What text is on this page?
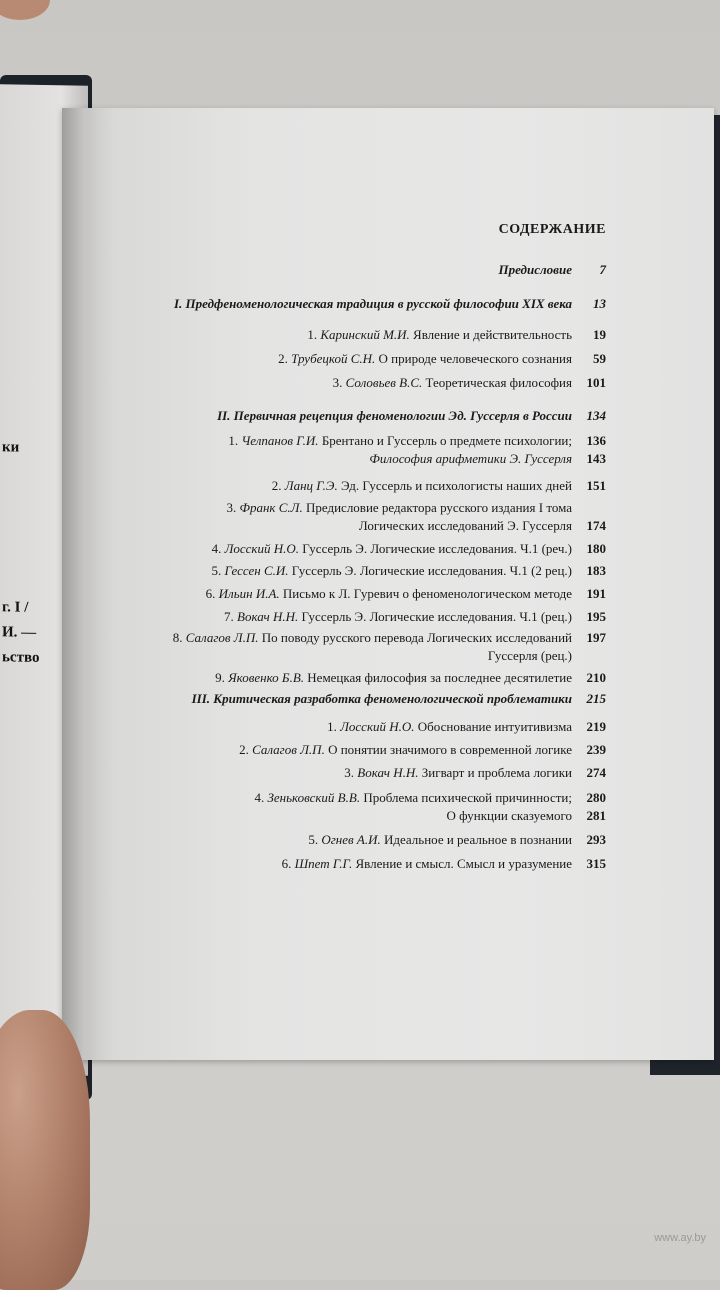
ки
г. I /
И. —
ьство
СОДЕРЖАНИЕ
Предисловие 7
I. Предфеноменологическая традиция в русской философии XIX века 13
1. Каринский М.И. Явление и действительность 19
2. Трубецкой С.Н. О природе человеческого сознания 59
3. Соловьев В.С. Теоретическая философия 101
II. Первичная рецепция феноменологии Эд. Гуссерля в России 134
1. Челпанов Г.И. Брентано и Гуссерль о предмете психологии; 136
Философия арифметики Э. Гуссерля 143
2. Ланц Г.Э. Эд. Гуссерль и психологисты наших дней 151
3. Франк С.Л. Предисловие редактора русского издания I тома
Логических исследований Э. Гуссерля 174
4. Лосский Н.О. Гуссерль Э. Логические исследования. Ч.1 (реч.) 180
5. Гессен С.И. Гуссерль Э. Логические исследования. Ч.1 (2 рец.) 183
6. Ильин И.А. Письмо к Л. Гуревич о феноменологическом методе 191
7. Вокач Н.Н. Гуссерль Э. Логические исследования. Ч.1 (рец.) 195
8. Салагов Л.П. По поводу русского перевода Логических исследований 197
Гуссерля (рец.)
9. Яковенко Б.В. Немецкая философия за последнее десятилетие 210
III. Критическая разработка феноменологической проблематики 215
1. Лосский Н.О. Обоснование интуитивизма 219
2. Салагов Л.П. О понятии значимого в современной логике 239
3. Вокач Н.Н. Зигварт и проблема логики 274
4. Зеньковский В.В. Проблема психической причинности; 280
О функции сказуемого 281
5. Огнев А.И. Идеальное и реальное в познании 293
6. Шпет Г.Г. Явление и смысл. Смысл и уразумение 315
www.ay.by
